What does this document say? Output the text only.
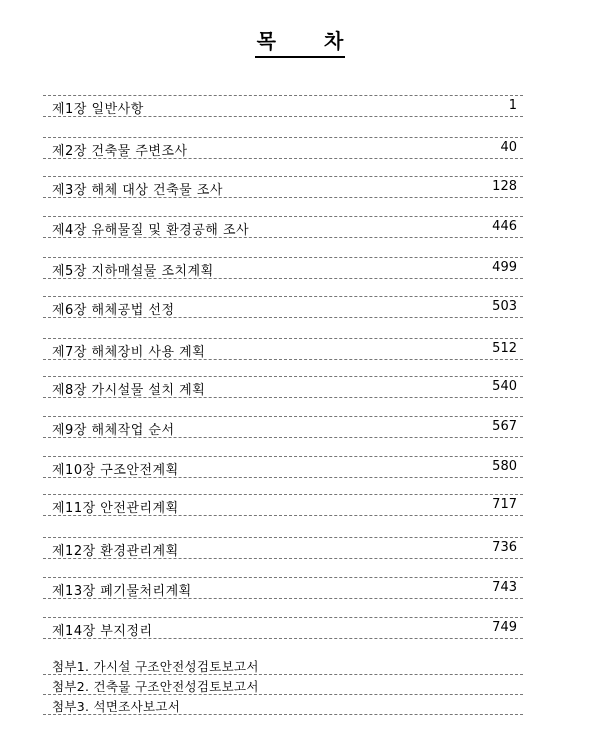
목 차
제1장 일반사항	1
제2장 건축물 주변조사	40
제3장 해체 대상 건축물 조사	128
제4장 유해물질 및 환경공해 조사	446
제5장 지하매설물 조치계획	499
제6장 해체공법 선정	503
제7장 해체장비 사용 계획	512
제8장 가시설물 설치 계획	540
제9장 해체작업 순서	567
제10장 구조안전계획	580
제11장 안전관리계획	717
제12장 환경관리계획	736
제13장 폐기물처리계획	743
제14장 부지정리	749
첨부1. 가시설 구조안전성검토보고서
첨부2. 건축물 구조안전성검토보고서
첨부3. 석면조사보고서
